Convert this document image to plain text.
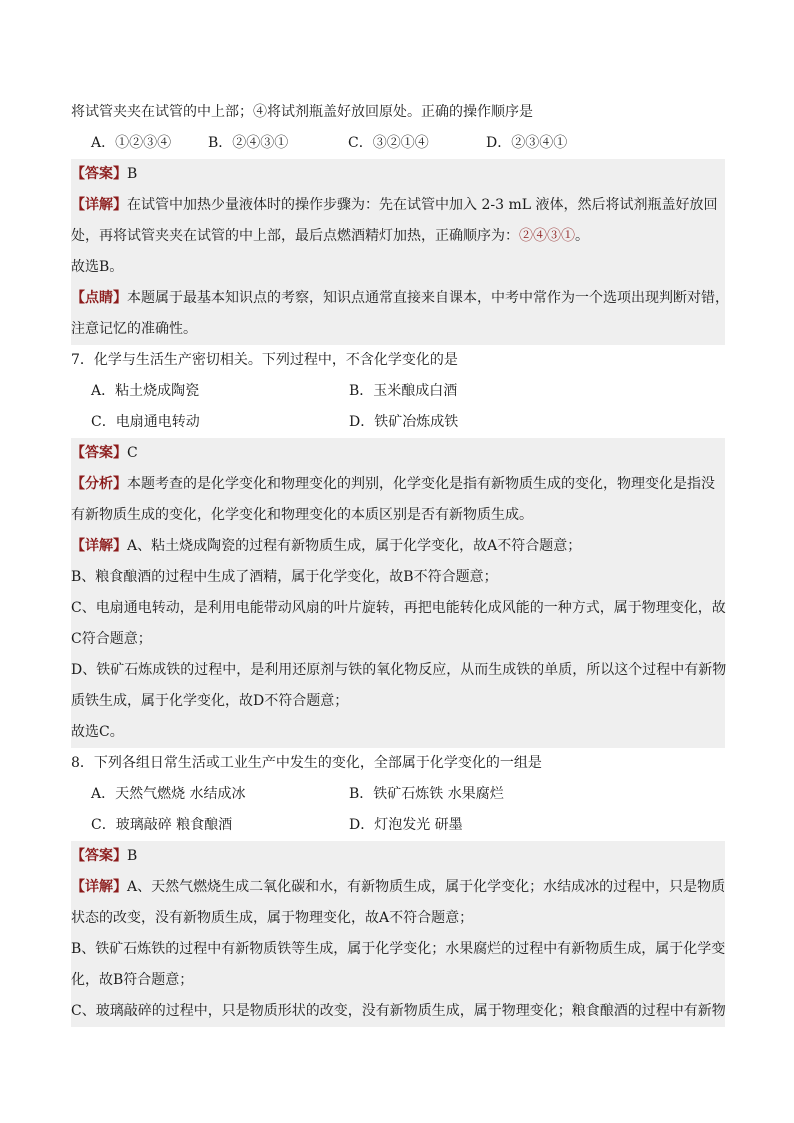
将试管夹夹在试管的中上部；④将试剂瓶盖好放回原处。正确的操作顺序是
A．①②③④	B．②④③①	C．③②①④	D．②③④①
【答案】B
【详解】在试管中加热少量液体时的操作步骤为：先在试管中加入 2-3 mL 液体，然后将试剂瓶盖好放回
处，再将试管夹夹在试管的中上部，最后点燃酒精灯加热，正确顺序为：②④③①。
故选B。
【点睛】本题属于最基本知识点的考察，知识点通常直接来自课本，中考中常作为一个选项出现判断对错，
注意记忆的准确性。
7．化学与生活生产密切相关。下列过程中，不含化学变化的是
A．粘土烧成陶瓷	B．玉米酿成白酒
C．电扇通电转动	D．铁矿冶炼成铁
【答案】C
【分析】本题考查的是化学变化和物理变化的判别，化学变化是指有新物质生成的变化，物理变化是指没
有新物质生成的变化，化学变化和物理变化的本质区别是否有新物质生成。
【详解】A、粘土烧成陶瓷的过程有新物质生成，属于化学变化，故A不符合题意；
B、粮食酿酒的过程中生成了酒精，属于化学变化，故B不符合题意；
C、电扇通电转动，是利用电能带动风扇的叶片旋转，再把电能转化成风能的一种方式，属于物理变化，故
C符合题意；
D、铁矿石炼成铁的过程中，是利用还原剂与铁的氧化物反应，从而生成铁的单质，所以这个过程中有新物
质铁生成，属于化学变化，故D不符合题意；
故选C。
8．下列各组日常生活或工业生产中发生的变化，全部属于化学变化的一组是
A．天然气燃烧 水结成冰	B．铁矿石炼铁 水果腐烂
C．玻璃敲碎 粮食酿酒	D．灯泡发光 研墨
【答案】B
【详解】A、天然气燃烧生成二氧化碳和水，有新物质生成，属于化学变化；水结成冰的过程中，只是物质
状态的改变，没有新物质生成，属于物理变化，故A不符合题意；
B、铁矿石炼铁的过程中有新物质铁等生成，属于化学变化；水果腐烂的过程中有新物质生成，属于化学变
化，故B符合题意；
C、玻璃敲碎的过程中，只是物质形状的改变，没有新物质生成，属于物理变化；粮食酿酒的过程中有新物
